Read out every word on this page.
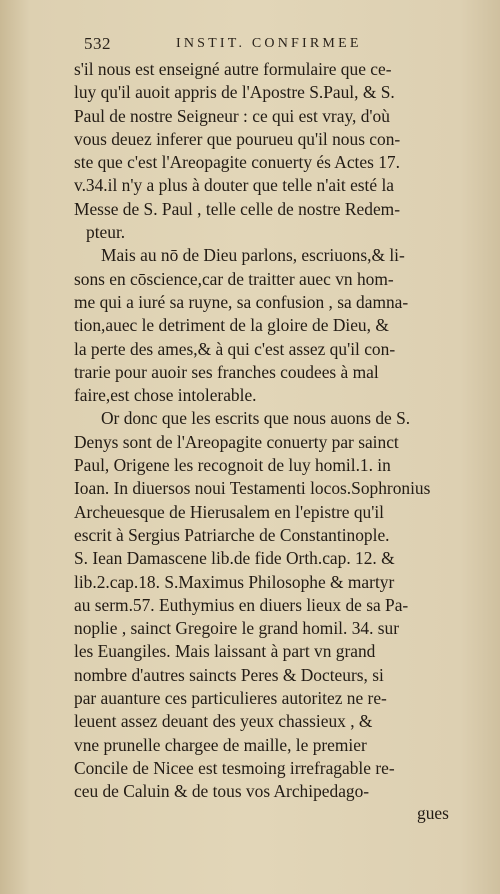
532	INSTIT. CONFIRMEE
s'il nous est enseigné autre formulaire que ce-
luy qu'il auoit appris de l'Apostre S.Paul, & S.
Paul de nostre Seigneur : ce qui est vray, d'où
vous deuez inferer que pourueu qu'il nous con-
ste que c'est l'Areopagite conuerty és Actes 17.
v.34.il n'y a plus à douter que telle n'ait esté la
Messe de S. Paul , telle celle de nostre Redem-
pteur.
Mais au nō de Dieu parlons, escriuons,& li-
sons en cōscience,car de traitter auec vn hom-
me qui a iuré sa ruyne, sa confusion , sa damna-
tion,auec le detriment de la gloire de Dieu, &
la perte des ames,& à qui c'est assez qu'il con-
trarie pour auoir ses franches coudees à mal
faire,est chose intolerable.
Or donc que les escrits que nous auons de S.
Denys sont de l'Areopagite conuerty par sainct
Paul, Origene les recognoit de luy homil.1. in
Ioan. In diuersos noui Testamenti locos.Sophronius
Archeuesque de Hierusalem en l'epistre qu'il
escrit à Sergius Patriarche de Constantinople.
S. Iean Damascene lib.de fide Orth.cap. 12. &
lib.2.cap.18. S.Maximus Philosophe & martyr
au serm.57. Euthymius en diuers lieux de sa Pa-
noplie , sainct Gregoire le grand homil. 34. sur
les Euangiles. Mais laissant à part vn grand
nombre d'autres saincts Peres & Docteurs, si
par auanture ces particulieres autoritez ne re-
leuent assez deuant des yeux chassieux , &
vne prunelle chargee de maille, le premier
Concile de Nicee est tesmoing irrefragable re-
ceu de Caluin & de tous vos Archipedago-
gues
